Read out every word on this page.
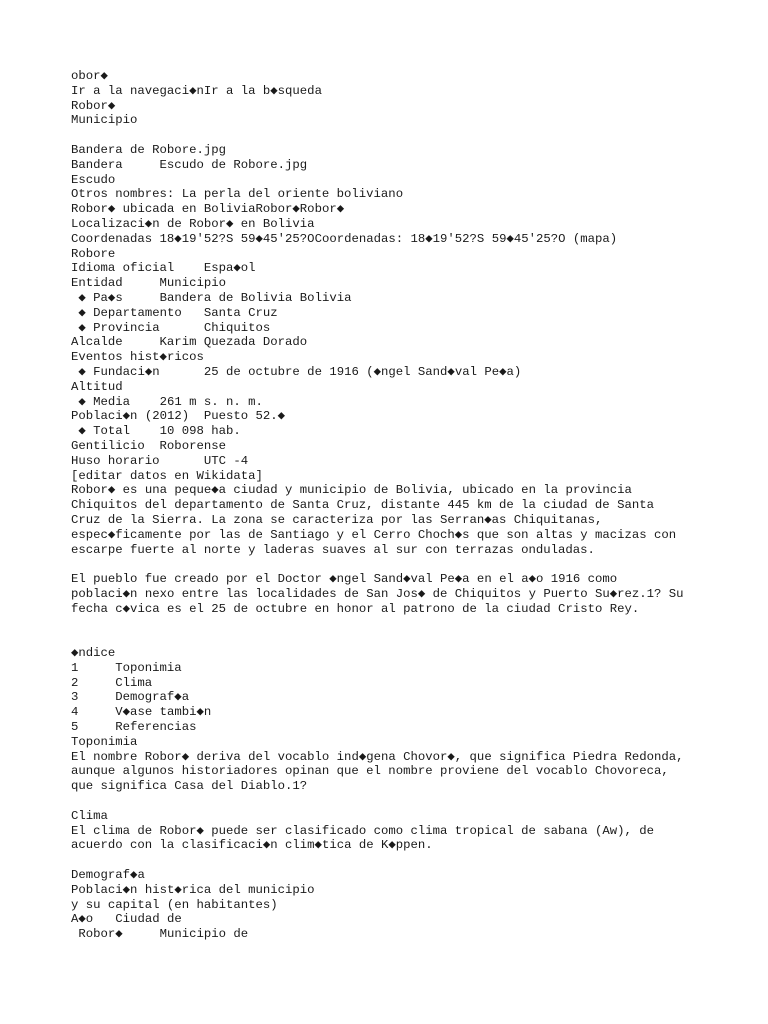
obor◆
Ir a la navegaci◆nIr a la b◆squeda
Robor◆
Municipio
Bandera de Robore.jpg
Bandera     Escudo de Robore.jpg
Escudo
Otros nombres: La perla del oriente boliviano
Robor◆ ubicada en BoliviaRobor◆Robor◆
Localizaci◆n de Robor◆ en Bolivia
Coordenadas 18◆19'52?S 59◆45'25?OCoordenadas: 18◆19'52?S 59◆45'25?O (mapa)
Robore
Idioma oficial    Espa◆ol
Entidad     Municipio
◆ Pa◆s     Bandera de Bolivia Bolivia
◆ Departamento   Santa Cruz
◆ Provincia      Chiquitos
Alcalde     Karim Quezada Dorado
Eventos hist◆ricos
◆ Fundaci◆n      25 de octubre de 1916 (◆ngel Sand◆val Pe◆a)
Altitud
◆ Media    261 m s. n. m.
Poblaci◆n (2012)  Puesto 52.◆
◆ Total    10 098 hab.
Gentilicio  Roborense
Huso horario      UTC -4
[editar datos en Wikidata]
Robor◆ es una peque◆a ciudad y municipio de Bolivia, ubicado en la provincia
Chiquitos del departamento de Santa Cruz, distante 445 km de la ciudad de Santa
Cruz de la Sierra. La zona se caracteriza por las Serran◆as Chiquitanas,
espec◆ficamente por las de Santiago y el Cerro Choch◆s que son altas y macizas con
escarpe fuerte al norte y laderas suaves al sur con terrazas onduladas.
El pueblo fue creado por el Doctor ◆ngel Sand◆val Pe◆a en el a◆o 1916 como
poblaci◆n nexo entre las localidades de San Jos◆ de Chiquitos y Puerto Su◆rez.1? Su
fecha c◆vica es el 25 de octubre en honor al patrono de la ciudad Cristo Rey.
◆ndice
1     Toponimia
2     Clima
3     Demograf◆a
4     V◆ase tambi◆n
5     Referencias
Toponimia
El nombre Robor◆ deriva del vocablo ind◆gena Chovor◆, que significa Piedra Redonda,
aunque algunos historiadores opinan que el nombre proviene del vocablo Chovoreca,
que significa Casa del Diablo.1?
Clima
El clima de Robor◆ puede ser clasificado como clima tropical de sabana (Aw), de
acuerdo con la clasificaci◆n clim◆tica de K◆ppen.
Demograf◆a
Poblaci◆n hist◆rica del municipio
y su capital (en habitantes)
A◆o   Ciudad de
Robor◆     Municipio de
